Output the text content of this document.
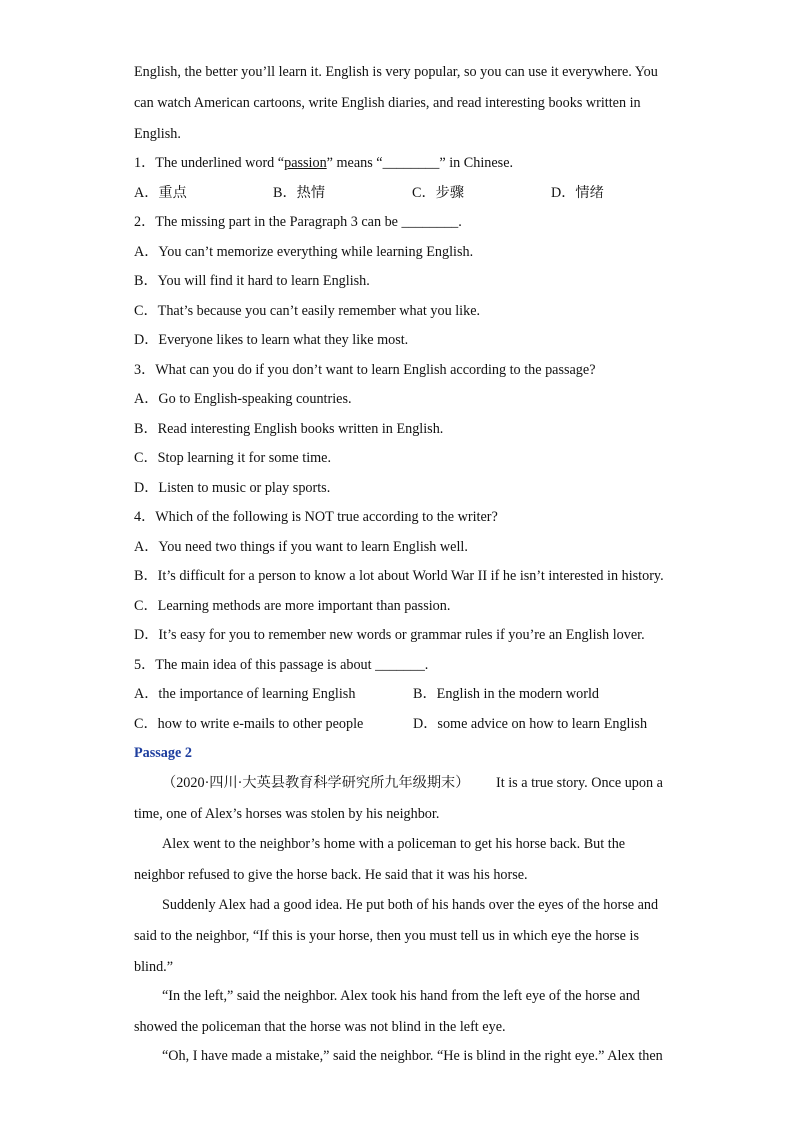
English, the better you’ll learn it. English is very popular, so you can use it everywhere. You
can watch American cartoons, write English diaries, and read interesting books written in
English.
1．The underlined word “passion” means “________” in Chinese.
A．重点	B．热情	C．步骤	D．情绪
2．The missing part in the Paragraph 3 can be ________.
A．You can’t memorize everything while learning English.
B．You will find it hard to learn English.
C．That’s because you can’t easily remember what you like.
D．Everyone likes to learn what they like most.
3．What can you do if you don’t want to learn English according to the passage?
A．Go to English-speaking countries.
B．Read interesting English books written in English.
C．Stop learning it for some time.
D．Listen to music or play sports.
4．Which of the following is NOT true according to the writer?
A．You need two things if you want to learn English well.
B．It’s difficult for a person to know a lot about World War II if he isn’t interested in history.
C．Learning methods are more important than passion.
D．It’s easy for you to remember new words or grammar rules if you’re an English lover.
5．The main idea of this passage is about _______.
A．the importance of learning English	B．English in the modern world
C．how to write e-mails to other people	D．some advice on how to learn English
Passage 2
（2020·四川·大英县教育科学研究所九年级期末） It is a true story. Once upon a
time, one of Alex’s horses was stolen by his neighbor.
Alex went to the neighbor’s home with a policeman to get his horse back. But the
neighbor refused to give the horse back. He said that it was his horse.
Suddenly Alex had a good idea. He put both of his hands over the eyes of the horse and
said to the neighbor, “If this is your horse, then you must tell us in which eye the horse is
blind.”
“In the left,” said the neighbor. Alex took his hand from the left eye of the horse and
showed the policeman that the horse was not blind in the left eye.
“Oh, I have made a mistake,” said the neighbor. “He is blind in the right eye.” Alex then
